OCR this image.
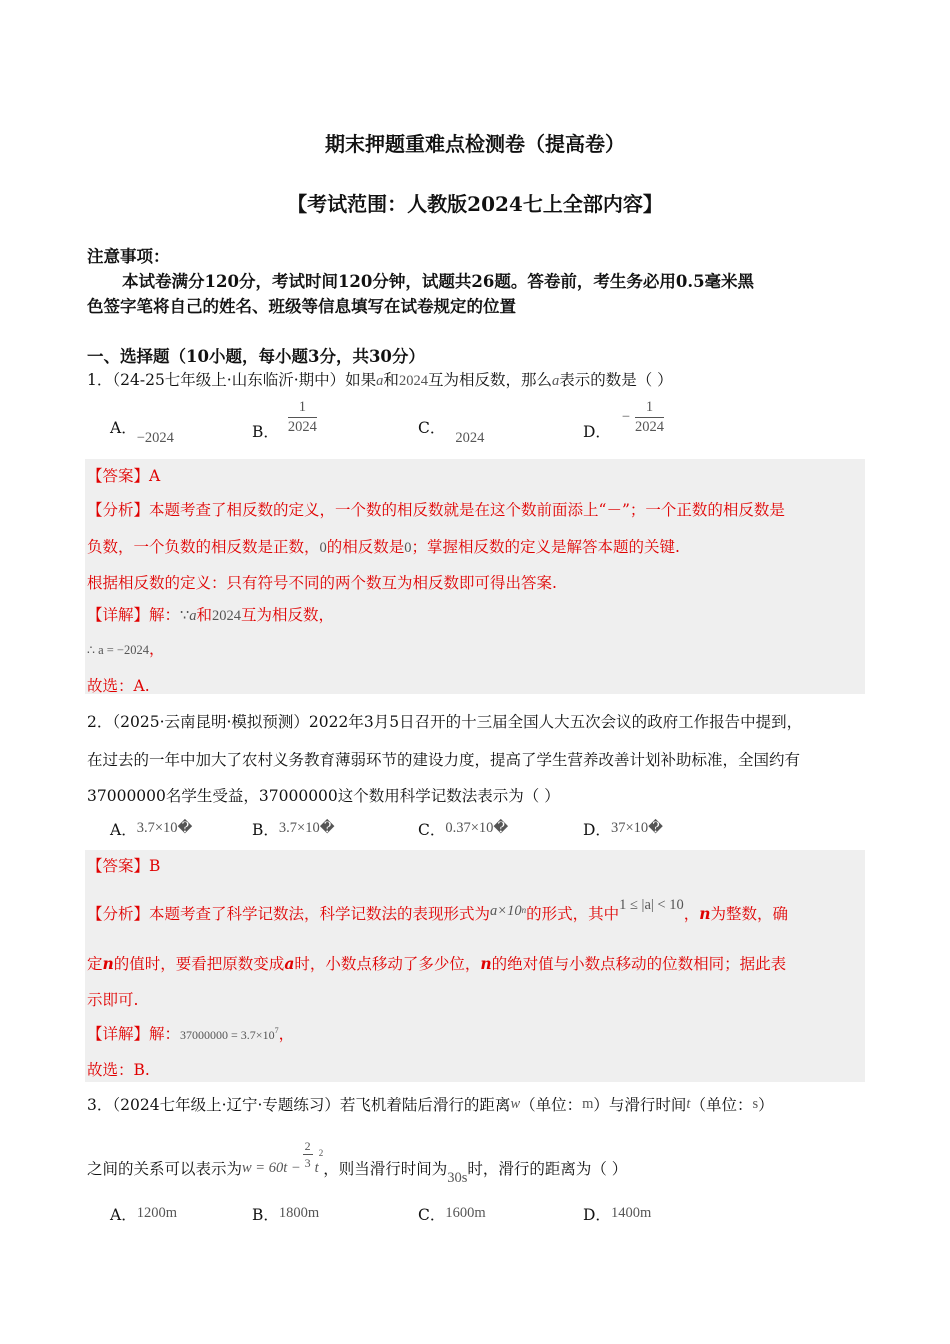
期末押题重难点检测卷（提高卷）
【考试范围：人教版2024七上全部内容】
注意事项：
本试卷满分120分，考试时间120分钟，试题共26题。答卷前，考生务必用0.5毫米黑
色签字笔将自己的姓名、班级等信息填写在试卷规定的位置
一、选择题（10小题，每小题3分，共30分）
1．（24-25七年级上·山东临沂·期中）如果a和2024互为相反数，那么a表示的数是（ ）
A．−2024	B． $\frac{1}{2024}$	C．2024	D． − $\frac{1}{2024}$
【答案】A
【分析】本题考查了相反数的定义，一个数的相反数就是在这个数前面添上“－”；一个正数的相反数是
负数，一个负数的相反数是正数，0的相反数是0；掌握相反数的定义是解答本题的关键.
根据相反数的定义：只有符号不同的两个数互为相反数即可得出答案.
【详解】解：∵a和2024互为相反数，
∴ a = −2024，
故选：A.
2．（2025·云南昆明·模拟预测）2022年3月5日召开的十三届全国人大五次会议的政府工作报告中提到，
在过去的一年中加大了农村义务教育薄弱环节的建设力度，提高了学生营养改善计划补助标准，全国约有
37000000名学生受益，37000000这个数用科学记数法表示为（ ）
A．3.7×10�	B．3.7×10�	C．0.37×10�	D．37×10�
【答案】B
【分析】本题考查了科学记数法，科学记数法的表现形式为$a\times 10^n$的形式，其中1 ≤ |a| < 10，n为整数，确
定n的值时，要看把原数变成a时，小数点移动了多少位，n的绝对值与小数点移动的位数相同；据此表
示即可.
【详解】解：$37000000 = 3.7\times 10^7$，
故选：B.
3．（2024七年级上·辽宁·专题练习）若飞机着陆后滑行的距离w（单位：m）与滑行时间t（单位：s）
之间的关系可以表示为$w = 60t - \frac{2}{3} t^2$，则当滑行时间为30s时，滑行的距离为（ ）
A．1200m	B．1800m	C．1600m	D．1400m
